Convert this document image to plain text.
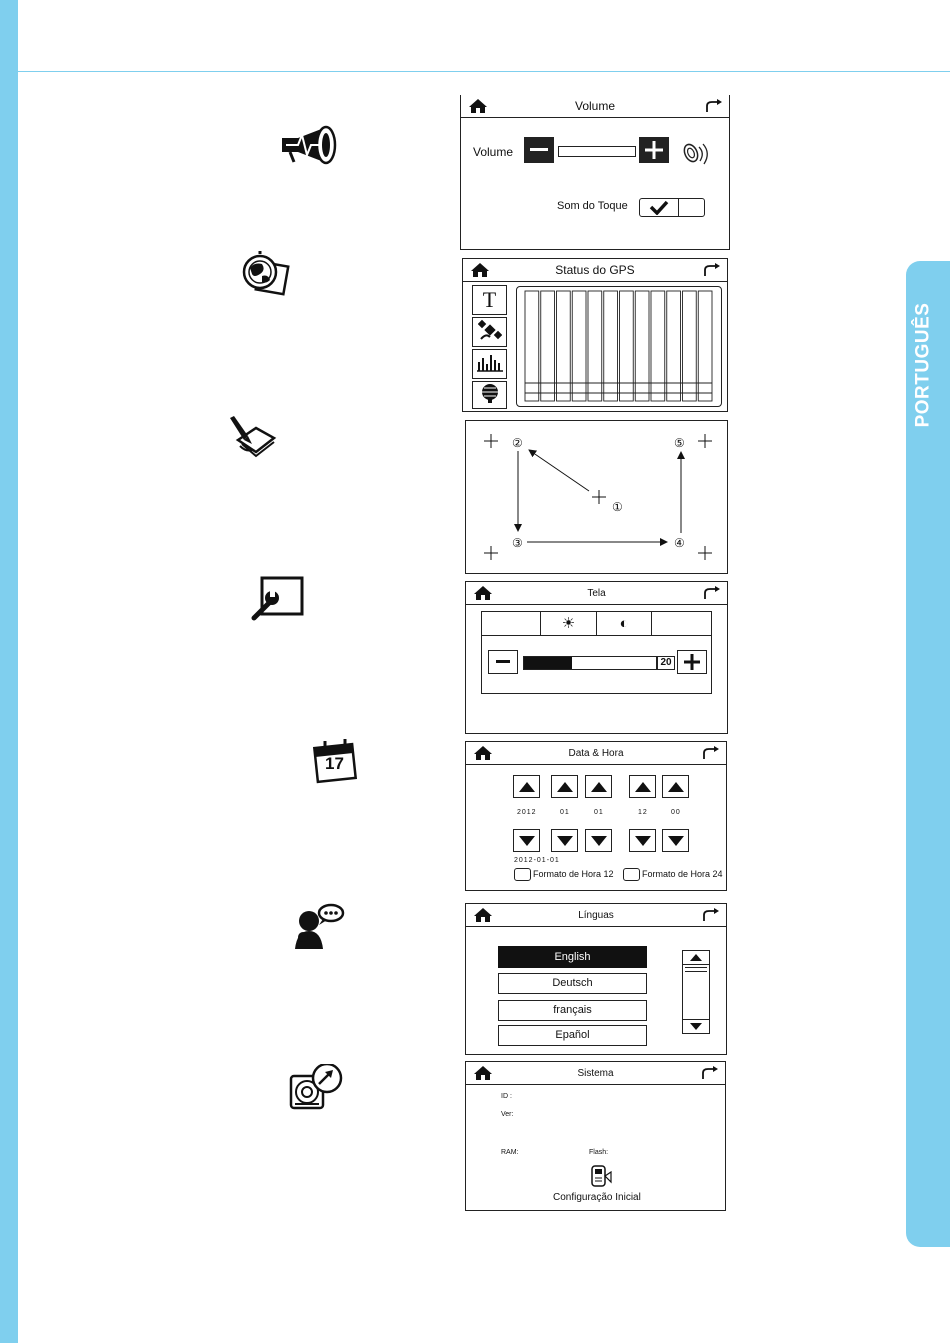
PORTUGUÊS
17
Volume
Volume
Som do Toque
Status do GPS
T
①
②
③	④
⑤
Tela
☀	◐
20
Data & Hora
2012	01	01	12	00
2012-01-01
Formato de Hora 12	Formato de Hora 24
Línguas
English
Deutsch
français
Epañol
Sistema
ID :
Ver:
RAM:	Flash:
Configuração Inicial
